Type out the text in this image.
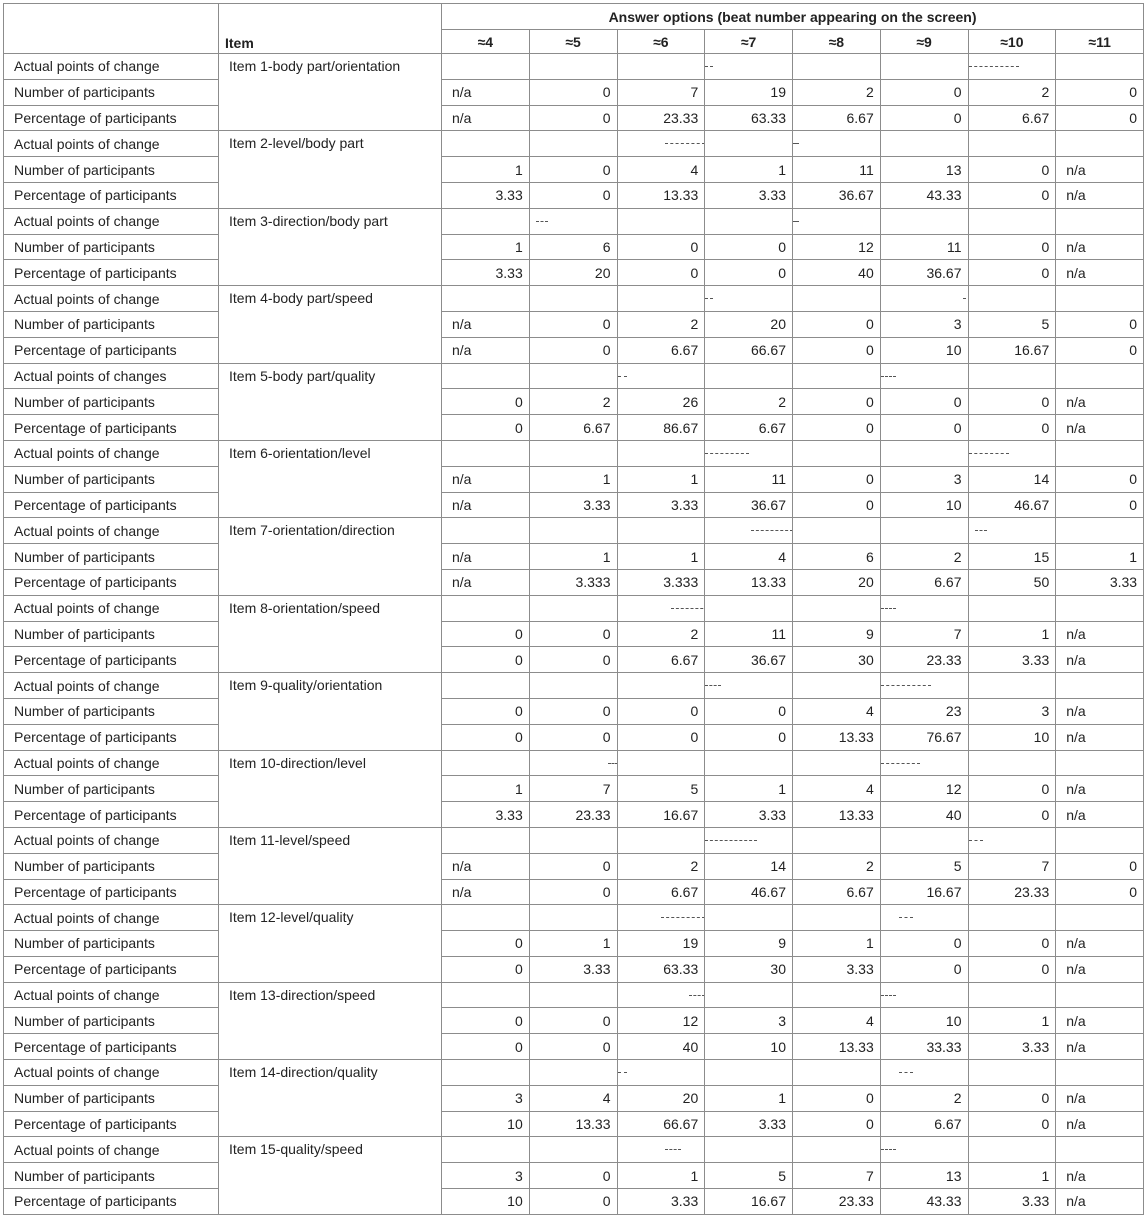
	Item	Answer options (beat number appearing on the screen)							
		≈4	≈5	≈6	≈7	≈8	≈9	≈10	≈11
Actual points of change	Item 1-body part/orientation				

Number of participants		n/a	0	7	19	2	0	2	0
Percentage of participants		n/a	0	23.33	63.33	6.67	0	6.67	0
Actual points of change	Item 2-level/body part			

Number of participants		1	0	4	1	11	13	0	n/a
Percentage of participants		3.33	0	13.33	3.33	36.67	43.33	0	n/a
Actual points of change	Item 3-direction/body part		

Number of participants		1	6	0	0	12	11	0	n/a
Percentage of participants		3.33	20	0	0	40	36.67	0	n/a
Actual points of change	Item 4-body part/speed				

Number of participants		n/a	0	2	20	0	3	5	0
Percentage of participants		n/a	0	6.67	66.67	0	10	16.67	0
Actual points of changes	Item 5-body part/quality			

Number of participants		0	2	26	2	0	0	0	n/a
Percentage of participants		0	6.67	86.67	6.67	0	0	0	n/a
Actual points of change	Item 6-orientation/level				

Number of participants		n/a	1	1	11	0	3	14	0
Percentage of participants		n/a	3.33	3.33	36.67	0	10	46.67	0
Actual points of change	Item 7-orientation/direction				

Number of participants		n/a	1	1	4	6	2	15	1
Percentage of participants		n/a	3.333	3.333	13.33	20	6.67	50	3.33
Actual points of change	Item 8-orientation/speed			

Number of participants		0	0	2	11	9	7	1	n/a
Percentage of participants		0	0	6.67	36.67	30	23.33	3.33	n/a
Actual points of change	Item 9-quality/orientation				

Number of participants		0	0	0	0	4	23	3	n/a
Percentage of participants		0	0	0	0	13.33	76.67	10	n/a
Actual points of change	Item 10-direction/level		

Number of participants		1	7	5	1	4	12	0	n/a
Percentage of participants		3.33	23.33	16.67	3.33	13.33	40	0	n/a
Actual points of change	Item 11-level/speed				

Number of participants		n/a	0	2	14	2	5	7	0
Percentage of participants		n/a	0	6.67	46.67	6.67	16.67	23.33	0
Actual points of change	Item 12-level/quality			

Number of participants		0	1	19	9	1	0	0	n/a
Percentage of participants		0	3.33	63.33	30	3.33	0	0	n/a
Actual points of change	Item 13-direction/speed			

Number of participants		0	0	12	3	4	10	1	n/a
Percentage of participants		0	0	40	10	13.33	33.33	3.33	n/a
Actual points of change	Item 14-direction/quality			

Number of participants		3	4	20	1	0	2	0	n/a
Percentage of participants		10	13.33	66.67	3.33	0	6.67	0	n/a
Actual points of change	Item 15-quality/speed			

Number of participants		3	0	1	5	7	13	1	n/a
Percentage of participants		10	0	3.33	16.67	23.33	43.33	3.33	n/a
